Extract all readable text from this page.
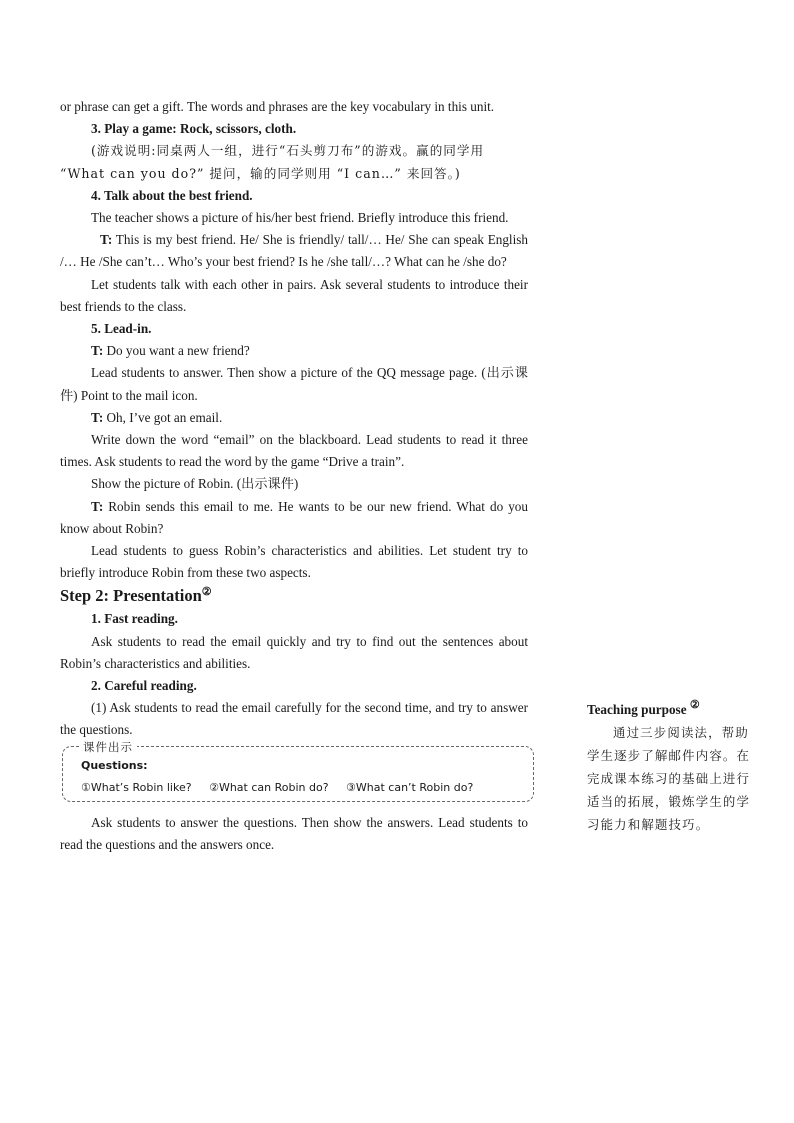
or phrase can get a gift. The words and phrases are the key vocabulary in this unit.

3. Play a game: Rock, scissors, cloth.

(游戏说明:同桌两人一组，进行“石头剪刀布”的游戏。赢的同学用 “What can you do?” 提问，输的同学则用 “I can…” 来回答。)

4. Talk about the best friend.

The teacher shows a picture of his/her best friend. Briefly introduce this friend.

T: This is my best friend. He/ She is friendly/ tall/… He/ She can speak English /… He /She can’t… Who’s your best friend? Is he /she tall/…? What can he /she do?

Let students talk with each other in pairs. Ask several students to introduce their best friends to the class.

5. Lead-in.

T: Do you want a new friend?

Lead students to answer. Then show a picture of the QQ message page. (出示课件) Point to the mail icon.

T: Oh, I’ve got an email.

Write down the word “email” on the blackboard. Lead students to read it three times. Ask students to read the word by the game “Drive a train”.

Show the picture of Robin. (出示课件)

T: Robin sends this email to me. He wants to be our new friend. What do you know about Robin?

Lead students to guess Robin’s characteristics and abilities. Let student try to briefly introduce Robin from these two aspects.

Step 2: Presentation②

1. Fast reading.

Ask students to read the email quickly and try to find out the sentences about Robin’s characteristics and abilities.

2. Careful reading.

(1) Ask students to read the email carefully for the second time, and try to answer the questions.

课件出示
Questions:
①What’s Robin like? ②What can Robin do? ③What can’t Robin do?

Ask students to answer the questions. Then show the answers. Lead students to read the questions and the answers once.

Teaching purpose ②
通过三步阅读法，帮助学生逐步了解邮件内容。在完成课本练习的基础上进行适当的拓展，锻炼学生的学习能力和解题技巧。
